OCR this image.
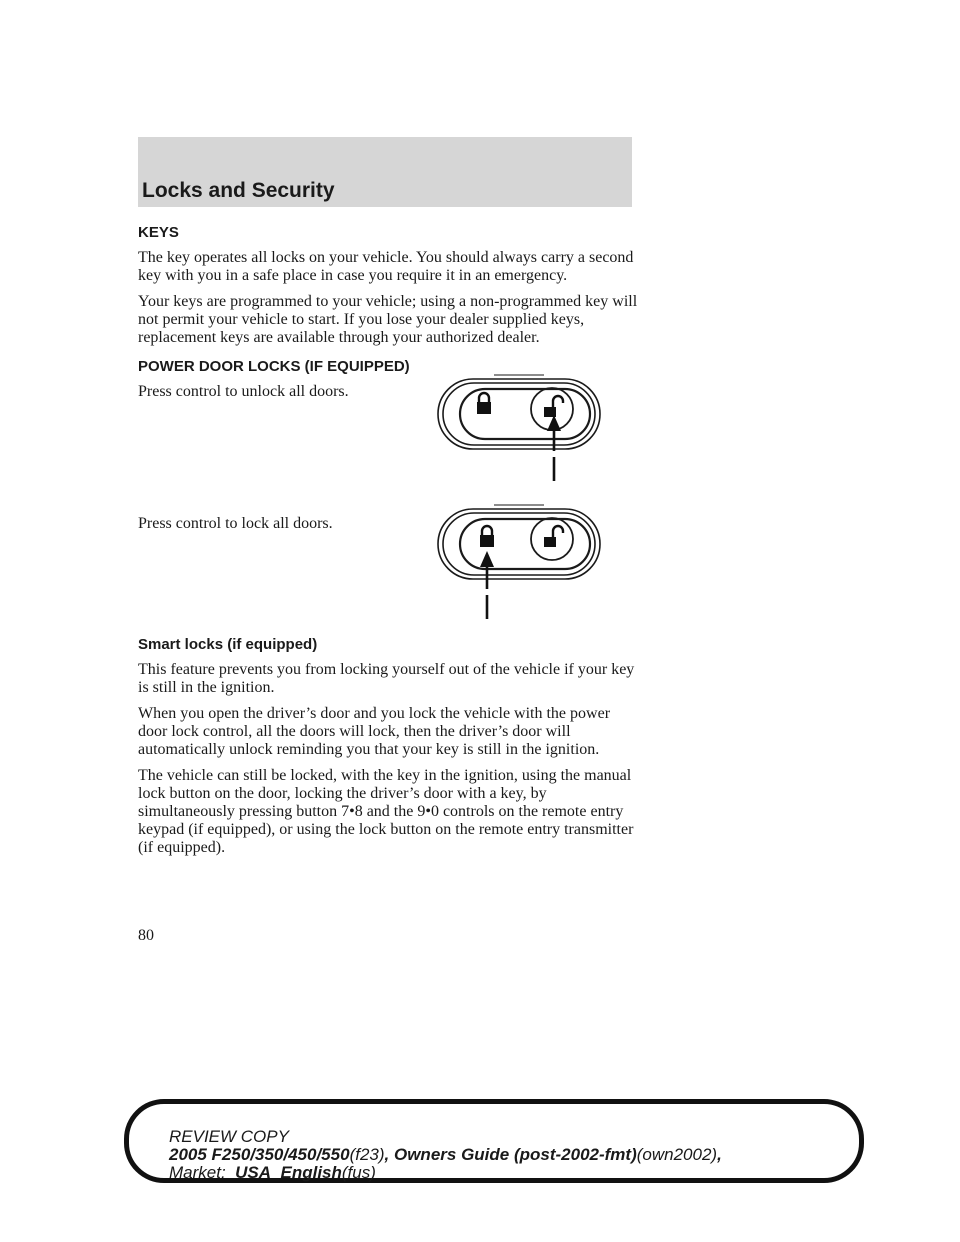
Locks and Security

KEYS

The key operates all locks on your vehicle. You should always carry a second key with you in a safe place in case you require it in an emergency.

Your keys are programmed to your vehicle; using a non-programmed key will not permit your vehicle to start. If you lose your dealer supplied keys, replacement keys are available through your authorized dealer.

POWER DOOR LOCKS (IF EQUIPPED)

Press control to unlock all doors.

Press control to lock all doors.

Smart locks (if equipped)

This feature prevents you from locking yourself out of the vehicle if your key is still in the ignition.

When you open the driver’s door and you lock the vehicle with the power door lock control, all the doors will lock, then the driver’s door will automatically unlock reminding you that your key is still in the ignition.

The vehicle can still be locked, with the key in the ignition, using the manual lock button on the door, locking the driver’s door with a key, by simultaneously pressing button 7•8 and the 9•0 controls on the remote entry keypad (if equipped), or using the lock button on the remote entry transmitter (if equipped).

80

REVIEW COPY
2005 F250/350/450/550(f23), Owners Guide (post-2002-fmt)(own2002),
Market: USA_English(fus)
